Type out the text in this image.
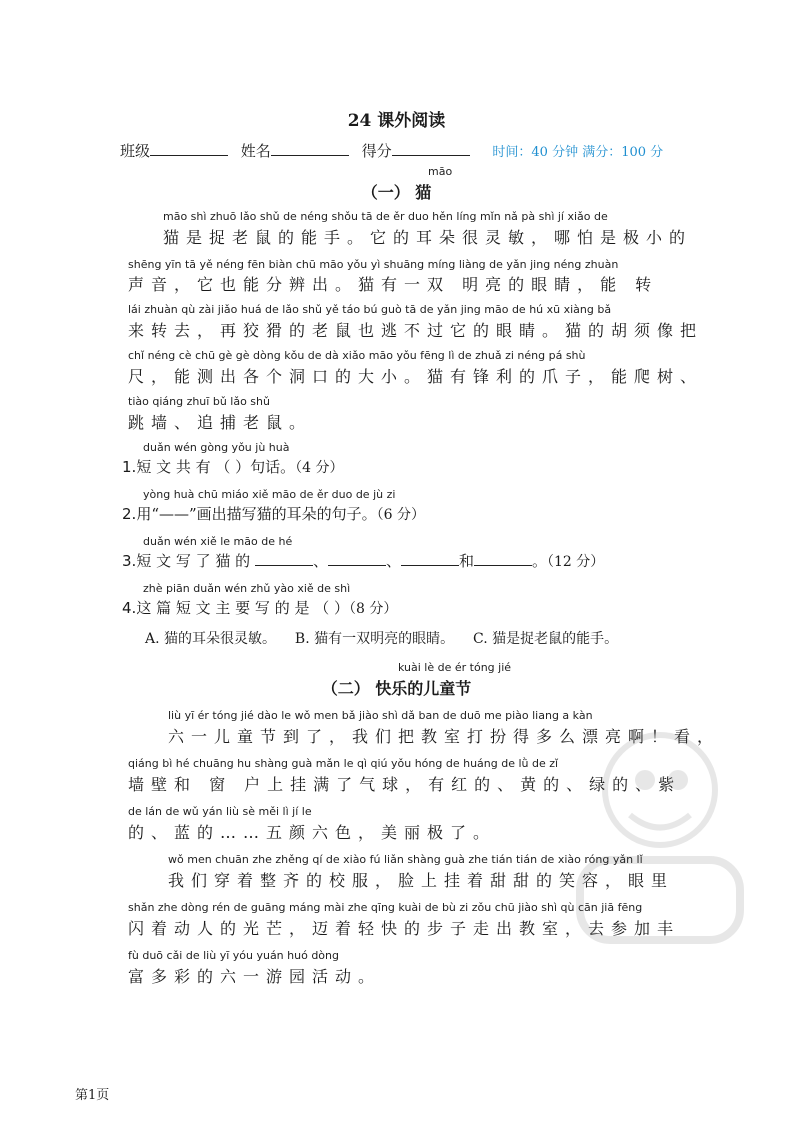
24 课外阅读
班级	姓名	得分	时间：40 分钟 满分：100 分
māo
（一） 猫
māo shì zhuō lǎo shǔ de néng shǒu tā de ěr duo hěn líng mǐn nǎ pà shì jí xiǎo de
猫是捉老鼠的能手。它的耳朵很灵敏，哪怕是极小的
shēng yīn tā yě néng fēn biàn chū māo yǒu yì shuāng míng liàng de yǎn jing néng zhuàn
声音，它也能分辨出。猫有一双 明亮的眼睛，能 转
lái zhuàn qù zài jiǎo huá de lǎo shǔ yě táo bú guò tā de yǎn jing māo de hú xū xiàng bǎ
来转去，再狡猾的老鼠也逃不过它的眼睛。猫的胡须像把
chǐ néng cè chū gè gè dòng kǒu de dà xiǎo māo yǒu fēng lì de zhuǎ zi néng pá shù
尺，能测出各个洞口的大小。猫有锋利的爪子，能爬树、
tiào qiáng zhuī bǔ lǎo shǔ
跳墙、追捕老鼠。
duǎn wén gòng yǒu jù huà
1.短 文 共 有 （ ）句话。（4 分）
yòng huà chū miáo xiě māo de ěr duo de jù zi
2.用“——”画出描写猫的耳朵的句子。（6 分）
duǎn wén xiě le māo de hé
3.短 文 写 了 猫 的	、	、	和	。（12 分）
zhè piān duǎn wén zhǔ yào xiě de shì
4.这 篇 短 文 主 要 写 的 是 （ ）（8 分）
A. 猫的耳朵很灵敏。 B. 猫有一双明亮的眼睛。 C. 猫是捉老鼠的能手。
kuài lè de ér tóng jié
（二） 快乐的儿童节
liù yī ér tóng jié dào le wǒ men bǎ jiào shì dǎ ban de duō me piào liang a kàn
六一儿童节到了，我们把教室打扮得多么漂亮啊！看，
qiáng bì hé chuāng hu shàng guà mǎn le qì qiú yǒu hóng de huáng de lǜ de zǐ
墙壁和 窗 户上挂满了气球，有红的、黄的、绿的、紫
de lán de wǔ yán liù sè měi lì jí le
的、蓝的……五颜六色，美丽极了。
wǒ men chuān zhe zhěng qí de xiào fú liǎn shàng guà zhe tián tián de xiào róng yǎn lǐ
我们穿着整齐的校服，脸上挂着甜甜的笑容，眼里
shǎn zhe dòng rén de guāng máng mài zhe qīng kuài de bù zi zǒu chū jiào shì qù cān jiā fēng
闪着动人的光芒，迈着轻快的步子走出教室，去参加丰
fù duō cǎi de liù yī yóu yuán huó dòng
富多彩的六一游园活动。
第1页
